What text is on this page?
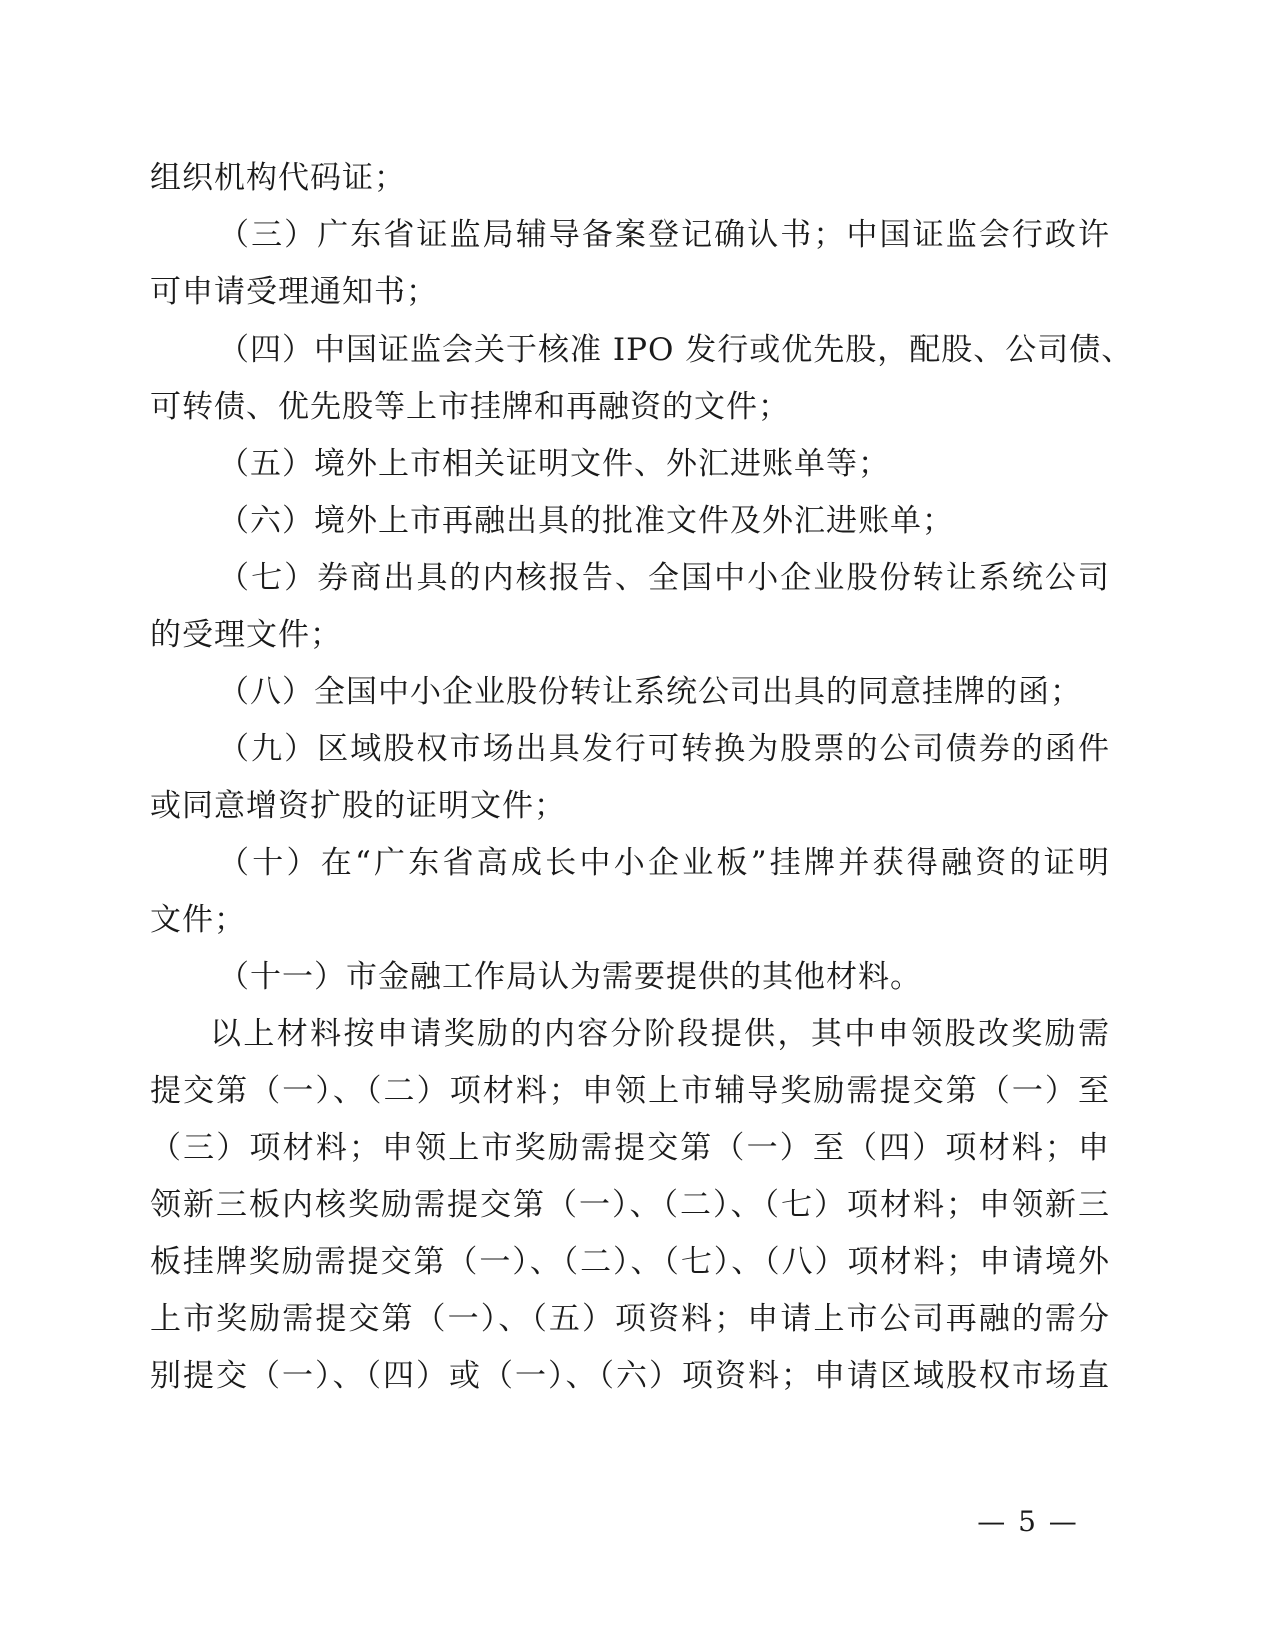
组织机构代码证；
（三）广东省证监局辅导备案登记确认书；中国证监会行政许
可申请受理通知书；
（四）中国证监会关于核准 IPO 发行或优先股，配股、公司债、
可转债、优先股等上市挂牌和再融资的文件；
（五）境外上市相关证明文件、外汇进账单等；
（六）境外上市再融出具的批准文件及外汇进账单；
（七）券商出具的内核报告、全国中小企业股份转让系统公司
的受理文件；
（八）全国中小企业股份转让系统公司出具的同意挂牌的函；
（九）区域股权市场出具发行可转换为股票的公司债券的函件
或同意增资扩股的证明文件；
（十）在“广东省高成长中小企业板”挂牌并获得融资的证明
文件；
（十一）市金融工作局认为需要提供的其他材料。
以上材料按申请奖励的内容分阶段提供，其中申领股改奖励需
提交第（一）、（二）项材料；申领上市辅导奖励需提交第（一）至
（三）项材料；申领上市奖励需提交第（一）至（四）项材料；申
领新三板内核奖励需提交第（一）、（二）、（七）项材料；申领新三
板挂牌奖励需提交第（一）、（二）、（七）、（八）项材料；申请境外
上市奖励需提交第（一）、（五）项资料；申请上市公司再融的需分
别提交（一）、（四）或（一）、（六）项资料；申请区域股权市场直
— 5 —
